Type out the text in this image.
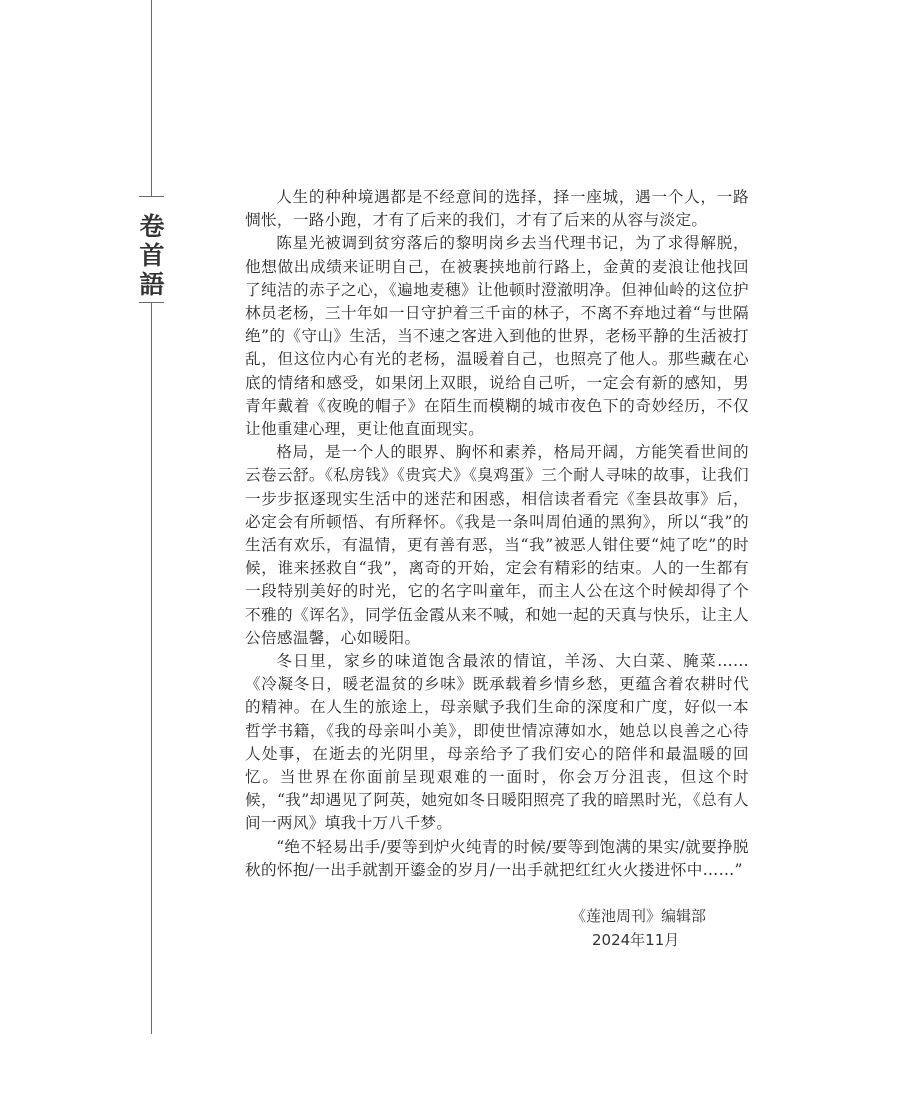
卷
首
語

人生的种种境遇都是不经意间的选择，择一座城，遇一个人，一路惆怅，一路小跑，才有了后来的我们，才有了后来的从容与淡定。

陈星光被调到贫穷落后的黎明岗乡去当代理书记，为了求得解脱，他想做出成绩来证明自己，在被裹挟地前行路上，金黄的麦浪让他找回了纯洁的赤子之心，《遍地麦穗》让他顿时澄澈明净。但神仙岭的这位护林员老杨，三十年如一日守护着三千亩的林子，不离不弃地过着“与世隔绝”的《守山》生活，当不速之客进入到他的世界，老杨平静的生活被打乱，但这位内心有光的老杨，温暖着自己，也照亮了他人。那些藏在心底的情绪和感受，如果闭上双眼，说给自己听，一定会有新的感知，男青年戴着《夜晚的帽子》在陌生而模糊的城市夜色下的奇妙经历，不仅让他重建心理，更让他直面现实。

格局，是一个人的眼界、胸怀和素养，格局开阔，方能笑看世间的云卷云舒。《私房钱》《贵宾犬》《臭鸡蛋》三个耐人寻味的故事，让我们一步步抠逐现实生活中的迷茫和困惑，相信读者看完《奎县故事》后，必定会有所顿悟、有所释怀。《我是一条叫周伯通的黑狗》，所以“我”的生活有欢乐，有温情，更有善有恶，当“我”被恶人钳住要“炖了吃”的时候，谁来拯救自“我”，离奇的开始，定会有精彩的结束。人的一生都有一段特别美好的时光，它的名字叫童年，而主人公在这个时候却得了个不雅的《诨名》，同学伍金霞从来不喊，和她一起的天真与快乐，让主人公倍感温馨，心如暖阳。

冬日里，家乡的味道饱含最浓的情谊，羊汤、大白菜、腌菜……《冷凝冬日，暖老温贫的乡味》既承载着乡情乡愁，更蕴含着农耕时代的精神。在人生的旅途上，母亲赋予我们生命的深度和广度，好似一本哲学书籍，《我的母亲叫小美》，即使世情凉薄如水，她总以良善之心待人处事，在逝去的光阴里，母亲给予了我们安心的陪伴和最温暖的回忆。当世界在你面前呈现艰难的一面时，你会万分沮丧，但这个时候，“我”却遇见了阿英，她宛如冬日暖阳照亮了我的暗黑时光，《总有人间一两风》填我十万八千梦。

“绝不轻易出手/要等到炉火纯青的时候/要等到饱满的果实/就要挣脱秋的怀抱/一出手就割开鎏金的岁月/一出手就把红红火火搂进怀中……”

《莲池周刊》编辑部
2024年11月
